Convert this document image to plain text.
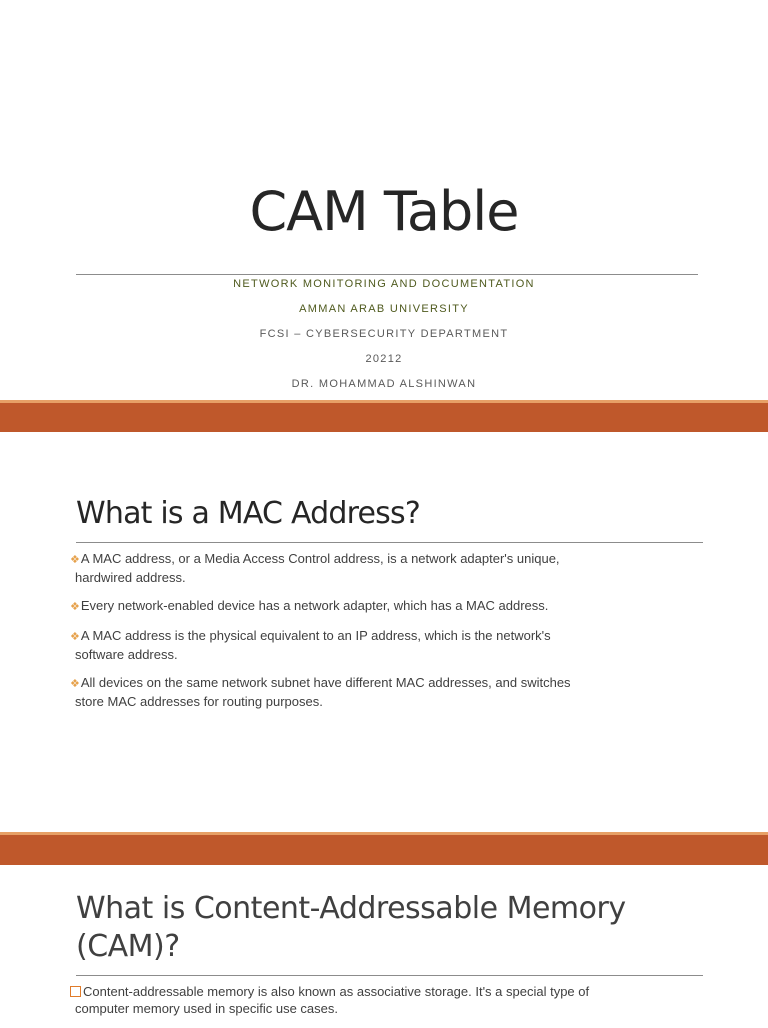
CAM Table
NETWORK MONITORING AND DOCUMENTATION
AMMAN ARAB UNIVERSITY
FCSI – CYBERSECURITY DEPARTMENT
20212
DR. MOHAMMAD ALSHINWAN
What is a MAC Address?
❖A MAC address, or a Media Access Control address, is a network adapter's unique,
hardwired address.
❖Every network-enabled device has a network adapter, which has a MAC address.
❖A MAC address is the physical equivalent to an IP address, which is the network's
software address.
❖All devices on the same network subnet have different MAC addresses, and switches
store MAC addresses for routing purposes.
What is Content-Addressable Memory
(CAM)?
Content-addressable memory is also known as associative storage. It's a special type of
computer memory used in specific use cases.
